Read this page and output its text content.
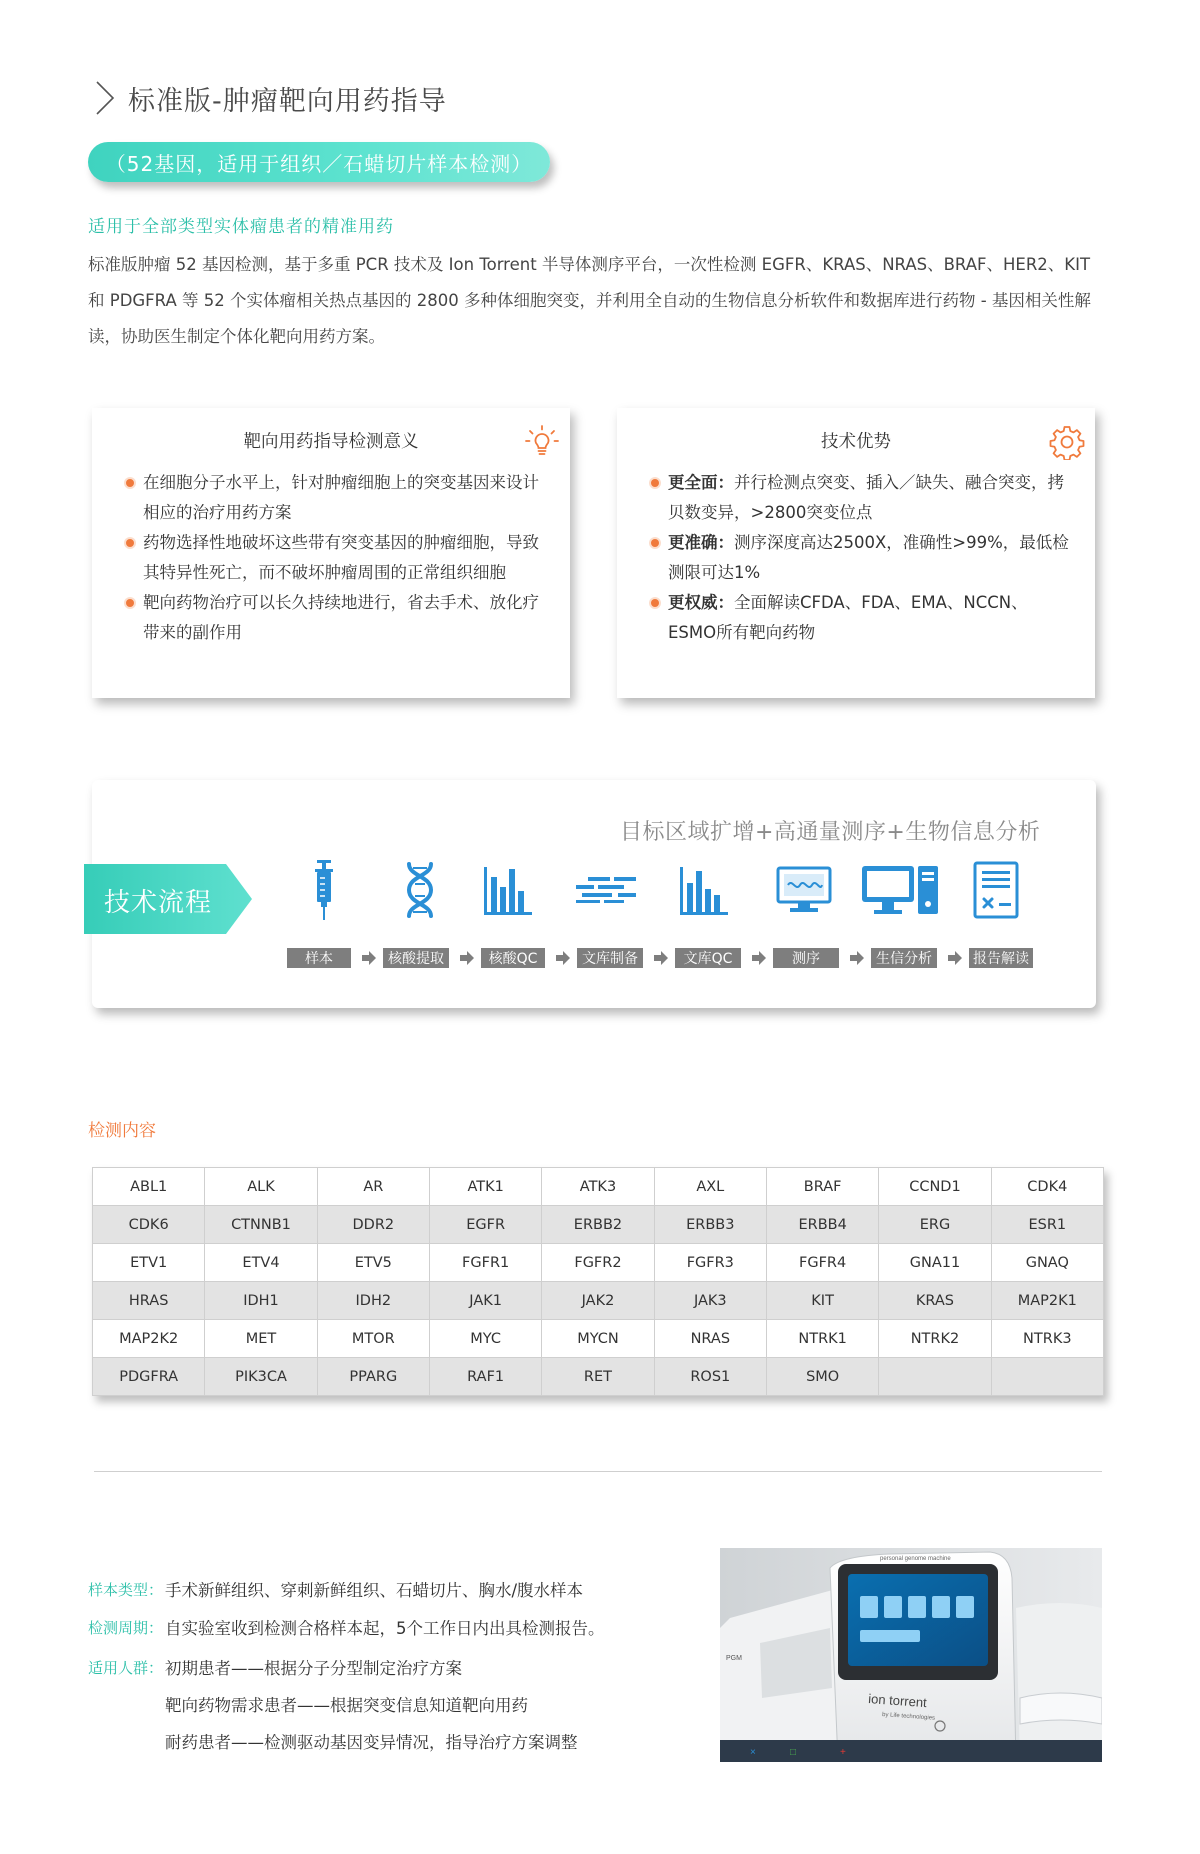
标准版-肿瘤靶向用药指导
（52基因，适用于组织／石蜡切片样本检测）
适用于全部类型实体瘤患者的精准用药
标准版肿瘤 52 基因检测，基于多重 PCR 技术及 Ion Torrent 半导体测序平台，一次性检测 EGFR、KRAS、NRAS、BRAF、HER2、KIT 和 PDGFRA 等 52 个实体瘤相关热点基因的 2800 多种体细胞突变，并利用全自动的生物信息分析软件和数据库进行药物 - 基因相关性解读，协助医生制定个体化靶向用药方案。
靶向用药指导检测意义
在细胞分子水平上，针对肿瘤细胞上的突变基因来设计相应的治疗用药方案
药物选择性地破坏这些带有突变基因的肿瘤细胞，导致其特异性死亡，而不破坏肿瘤周围的正常组织细胞
靶向药物治疗可以长久持续地进行，省去手术、放化疗带来的副作用
技术优势
更全面：并行检测点突变、插入／缺失、融合突变，拷贝数变异，>2800突变位点
更准确：测序深度高达2500X，准确性>99%，最低检测限可达1%
更权威：全面解读CFDA、FDA、EMA、NCCN、ESMO所有靶向药物
目标区域扩增+高通量测序+生物信息分析
技术流程
样本	核酸提取	核酸QC	文库制备	文库QC	测序	生信分析	报告解读
检测内容
ABL1	ALK	AR	ATK1	ATK3	AXL	BRAF	CCND1	CDK4
CDK6	CTNNB1	DDR2	EGFR	ERBB2	ERBB3	ERBB4	ERG	ESR1
ETV1	ETV4	ETV5	FGFR1	FGFR2	FGFR3	FGFR4	GNA11	GNAQ
HRAS	IDH1	IDH2	JAK1	JAK2	JAK3	KIT	KRAS	MAP2K1
MAP2K2	MET	MTOR	MYC	MYCN	NRAS	NTRK1	NTRK2	NTRK3
PDGFRA	PIK3CA	PPARG	RAF1	RET	ROS1	SMO		
样本类型： 手术新鲜组织、穿刺新鲜组织、石蜡切片、胸水/腹水样本
检测周期： 自实验室收到检测合格样本起，5个工作日内出具检测报告。
适用人群： 初期患者——根据分子分型制定治疗方案
靶向药物需求患者——根据突变信息知道靶向用药
耐药患者——检测驱动基因变异情况，指导治疗方案调整
personal genome machine
ion torrent
by Life technologies
PGM
×	□	+
